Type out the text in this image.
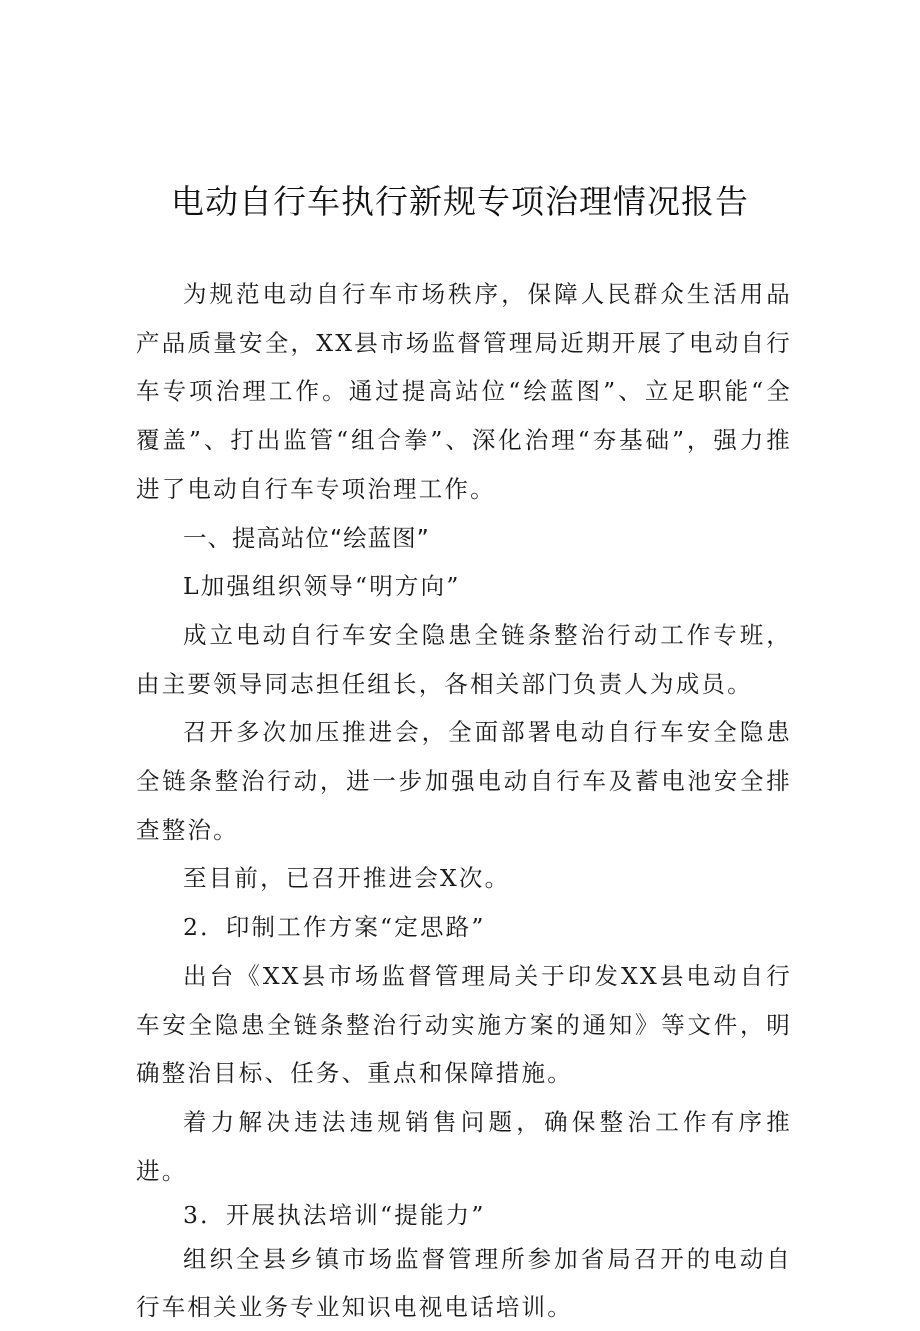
电动自行车执行新规专项治理情况报告

为规范电动自行车市场秩序，保障人民群众生活用品产品质量安全，XX县市场监督管理局近期开展了电动自行车专项治理工作。通过提高站位“绘蓝图”、立足职能“全覆盖”、打出监管“组合拳”、深化治理“夯基础”，强力推进了电动自行车专项治理工作。

一、提高站位“绘蓝图”

L加强组织领导“明方向”

成立电动自行车安全隐患全链条整治行动工作专班，由主要领导同志担任组长，各相关部门负责人为成员。

召开多次加压推进会，全面部署电动自行车安全隐患全链条整治行动，进一步加强电动自行车及蓄电池安全排查整治。

至目前，已召开推进会X次。

2．印制工作方案“定思路”

出台《XX县市场监督管理局关于印发XX县电动自行车安全隐患全链条整治行动实施方案的通知》等文件，明确整治目标、任务、重点和保障措施。

着力解决违法违规销售问题，确保整治工作有序推进。

3．开展执法培训“提能力”

组织全县乡镇市场监督管理所参加省局召开的电动自行车相关业务专业知识电视电话培训。
